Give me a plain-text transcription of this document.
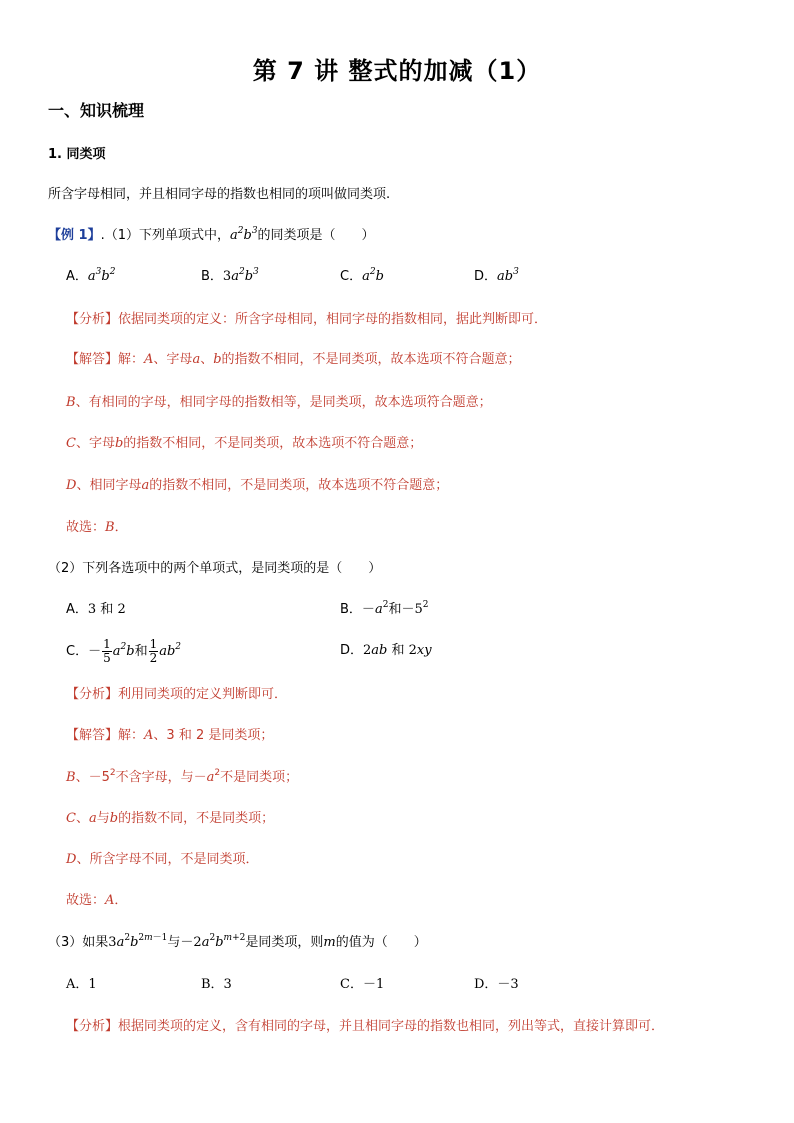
第 7 讲 整式的加减（1）
一、知识梳理
1. 同类项
所含字母相同，并且相同字母的指数也相同的项叫做同类项.
【例 1】.（1）下列单项式中，$a^2b^3$的同类项是（　　）
A．$a^3b^2$	B．$3a^2b^3$	C．$a^2b$	D．$ab^3$
【分析】依据同类项的定义：所含字母相同，相同字母的指数相同，据此判断即可．
【解答】解：A、字母a、b的指数不相同，不是同类项，故本选项不符合题意；
B、有相同的字母，相同字母的指数相等，是同类项，故本选项符合题意；
C、字母b的指数不相同，不是同类项，故本选项不符合题意；
D、相同字母a的指数不相同，不是同类项，故本选项不符合题意；
故选：B．
（2）下列各选项中的两个单项式，是同类项的是（　　）
A．3 和 2	B．$-a^2$和$-5^2$
C．－ $\frac{1}{5} a^2b$和 $\frac{1}{2} ab^2$	D．2ab 和 2xy
【分析】利用同类项的定义判断即可．
【解答】解：A、3 和 2 是同类项；
B、$-5^2$不含字母，与$-a^2$不是同类项；
C、a与b的指数不同，不是同类项；
D、所含字母不同，不是同类项．
故选：A．
（3）如果$3a^2b^{2m-1}$与$-2a^2b^{m+2}$是同类项，则m的值为（　　）
A．1	B．3	C．－1	D．－3
【分析】根据同类项的定义，含有相同的字母，并且相同字母的指数也相同，列出等式，直接计算即可．
